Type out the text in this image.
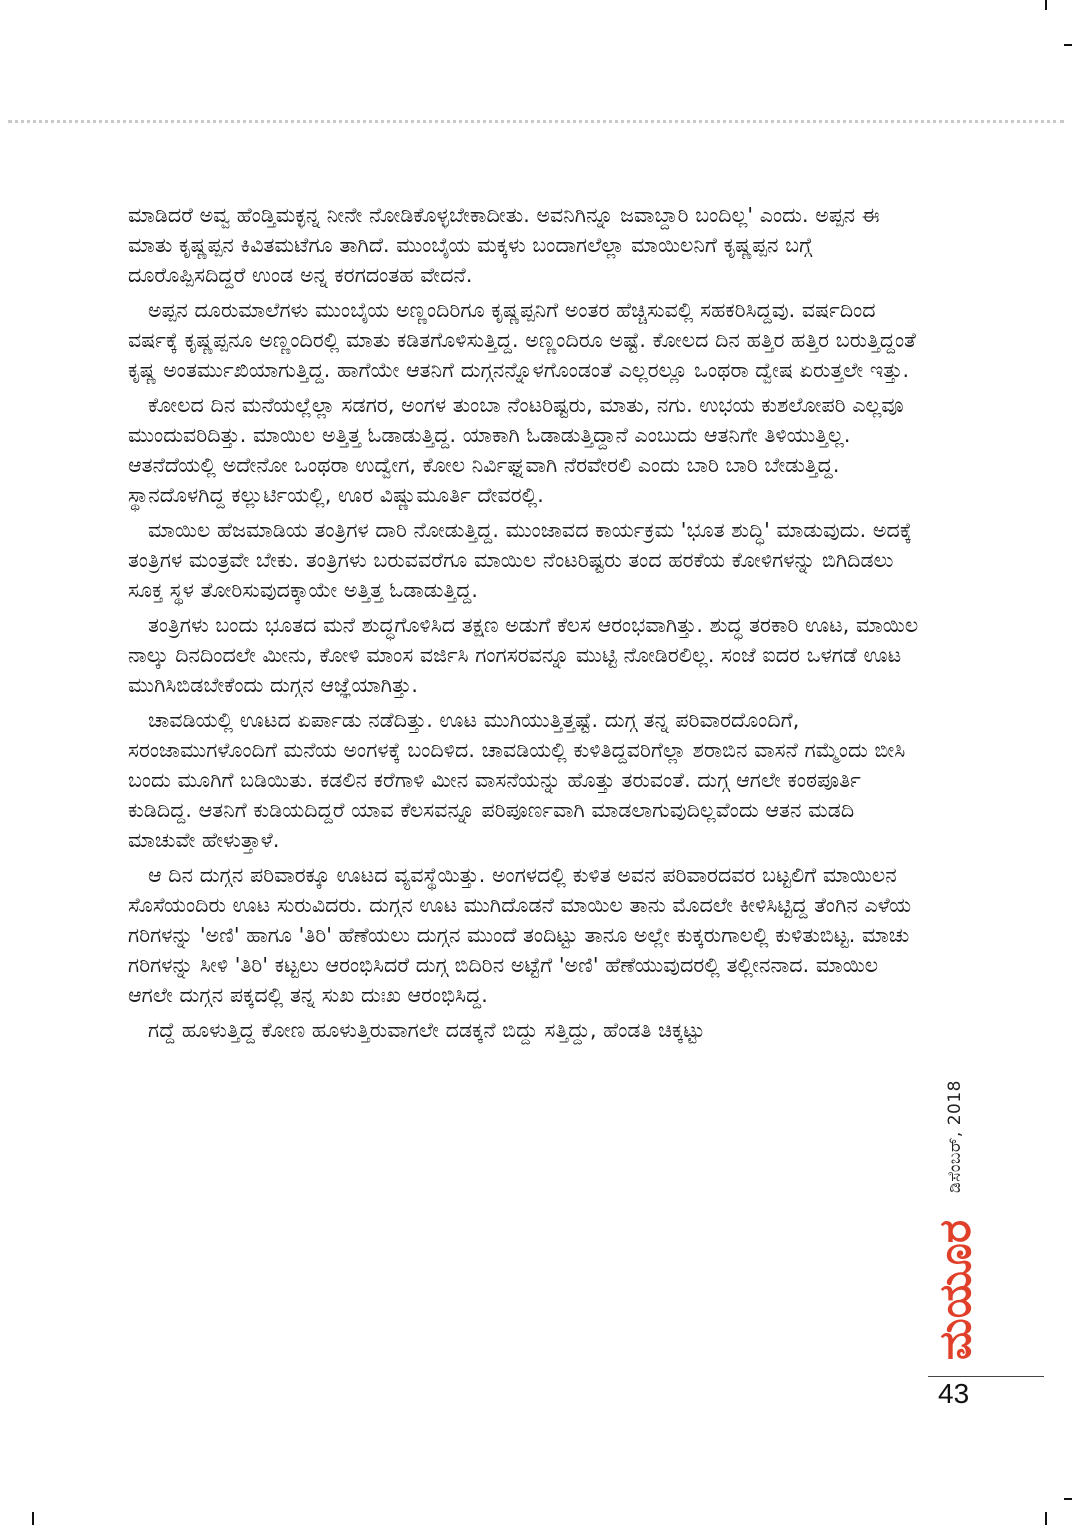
ಮಾಡಿದರೆ ಅವ್ವ ಹೆಂಡ್ತಿಮಕ್ಳನ್ನ ನೀನೇ ನೋಡಿಕೊಳ್ಳಬೇಕಾದೀತು. ಅವನಿಗಿನ್ನೂ ಜವಾಬ್ದಾರಿ ಬಂದಿಲ್ಲ' ಎಂದು. ಅಪ್ಪನ ಈ ಮಾತು ಕೃಷ್ಣಪ್ಪನ ಕಿವಿತಮಟೆಗೂ ತಾಗಿದೆ. ಮುಂಬೈಯ ಮಕ್ಕಳು ಬಂದಾಗಲೆಲ್ಲಾ ಮಾಯಿಲನಿಗೆ ಕೃಷ್ಣಪ್ಪನ ಬಗ್ಗೆ ದೂರೊಪ್ಪಿಸದಿದ್ದರೆ ಉಂಡ ಅನ್ನ ಕರಗದಂತಹ ವೇದನೆ.

ಅಪ್ಪನ ದೂರುಮಾಲೆಗಳು ಮುಂಬೈಯ ಅಣ್ಣಂದಿರಿಗೂ ಕೃಷ್ಣಪ್ಪನಿಗೆ ಅಂತರ ಹೆಚ್ಚಿಸುವಲ್ಲಿ ಸಹಕರಿಸಿದ್ದವು. ವರ್ಷದಿಂದ ವರ್ಷಕ್ಕೆ ಕೃಷ್ಣಪ್ಪನೂ ಅಣ್ಣಂದಿರಲ್ಲಿ ಮಾತು ಕಡಿತಗೊಳಿಸುತ್ತಿದ್ದ. ಅಣ್ಣಂದಿರೂ ಅಷ್ಟೆ. ಕೋಲದ ದಿನ ಹತ್ತಿರ ಹತ್ತಿರ ಬರುತ್ತಿದ್ದಂತೆ ಕೃಷ್ಣ ಅಂತರ್ಮುಖಿಯಾಗುತ್ತಿದ್ದ. ಹಾಗೆಯೇ ಆತನಿಗೆ ದುಗ್ಗನನ್ನೊಳಗೊಂಡಂತೆ ಎಲ್ಲರಲ್ಲೂ ಒಂಥರಾ ದ್ವೇಷ ಏರುತ್ತಲೇ ಇತ್ತು.

ಕೋಲದ ದಿನ ಮನೆಯಲ್ಲೆಲ್ಲಾ ಸಡಗರ, ಅಂಗಳ ತುಂಬಾ ನೆಂಟರಿಷ್ಟರು, ಮಾತು, ನಗು. ಉಭಯ ಕುಶಲೋಪರಿ ಎಲ್ಲವೂ ಮುಂದುವರಿದಿತ್ತು. ಮಾಯಿಲ ಅತ್ತಿತ್ತ ಓಡಾಡುತ್ತಿದ್ದ. ಯಾಕಾಗಿ ಓಡಾಡುತ್ತಿದ್ದಾನೆ ಎಂಬುದು ಆತನಿಗೇ ತಿಳಿಯುತ್ತಿಲ್ಲ. ಆತನೆದೆಯಲ್ಲಿ ಅದೇನೋ ಒಂಥರಾ ಉದ್ವೇಗ, ಕೋಲ ನಿರ್ವಿಘ್ನವಾಗಿ ನೆರವೇರಲಿ ಎಂದು ಬಾರಿ ಬಾರಿ ಬೇಡುತ್ತಿದ್ದ. ಸ್ಥಾನದೊಳಗಿದ್ದ ಕಲ್ಲುರ್ಟಿಯಲ್ಲಿ, ಊರ ವಿಷ್ಣುಮೂರ್ತಿ ದೇವರಲ್ಲಿ.

ಮಾಯಿಲ ಹೆಜಮಾಡಿಯ ತಂತ್ರಿಗಳ ದಾರಿ ನೋಡುತ್ತಿದ್ದ. ಮುಂಜಾವದ ಕಾರ್ಯಕ್ರಮ 'ಭೂತ ಶುದ್ಧಿ' ಮಾಡುವುದು. ಅದಕ್ಕೆ ತಂತ್ರಿಗಳ ಮಂತ್ರವೇ ಬೇಕು. ತಂತ್ರಿಗಳು ಬರುವವರೆಗೂ ಮಾಯಿಲ ನೆಂಟರಿಷ್ಟರು ತಂದ ಹರಕೆಯ ಕೋಳಿಗಳನ್ನು ಬಿಗಿದಿಡಲು ಸೂಕ್ತ ಸ್ಥಳ ತೋರಿಸುವುದಕ್ಕಾಯೇ ಅತ್ತಿತ್ತ ಓಡಾಡುತ್ತಿದ್ದ.

ತಂತ್ರಿಗಳು ಬಂದು ಭೂತದ ಮನೆ ಶುದ್ಧಗೊಳಿಸಿದ ತಕ್ಷಣ ಅಡುಗೆ ಕೆಲಸ ಆರಂಭವಾಗಿತ್ತು. ಶುದ್ಧ ತರಕಾರಿ ಊಟ, ಮಾಯಿಲ ನಾಲ್ಕು ದಿನದಿಂದಲೇ ಮೀನು, ಕೋಳಿ ಮಾಂಸ ವರ್ಜಿಸಿ ಗಂಗಸರವನ್ನೂ ಮುಟ್ಟಿ ನೋಡಿರಲಿಲ್ಲ. ಸಂಜೆ ಐದರ ಒಳಗಡೆ ಊಟ ಮುಗಿಸಿಬಿಡಬೇಕೆಂದು ದುಗ್ಗನ ಆಜ್ಞೆಯಾಗಿತ್ತು.

ಚಾವಡಿಯಲ್ಲಿ ಊಟದ ಏರ್ಪಾಡು ನಡೆದಿತ್ತು. ಊಟ ಮುಗಿಯುತ್ತಿತ್ತಷ್ಟೆ. ದುಗ್ಗ ತನ್ನ ಪರಿವಾರದೊಂದಿಗೆ, ಸರಂಜಾಮುಗಳೊಂದಿಗೆ ಮನೆಯ ಅಂಗಳಕ್ಕೆ ಬಂದಿಳಿದ. ಚಾವಡಿಯಲ್ಲಿ ಕುಳಿತಿದ್ದವರಿಗೆಲ್ಲಾ ಶರಾಬಿನ ವಾಸನೆ ಗಮ್ಮೆಂದು ಬೀಸಿ ಬಂದು ಮೂಗಿಗೆ ಬಡಿಯಿತು. ಕಡಲಿನ ಕರೆಗಾಳಿ ಮೀನ ವಾಸನೆಯನ್ನು ಹೊತ್ತು ತರುವಂತೆ. ದುಗ್ಗ ಆಗಲೇ ಕಂಠಪೂರ್ತಿ ಕುಡಿದಿದ್ದ. ಆತನಿಗೆ ಕುಡಿಯದಿದ್ದರೆ ಯಾವ ಕೆಲಸವನ್ನೂ ಪರಿಪೂರ್ಣವಾಗಿ ಮಾಡಲಾಗುವುದಿಲ್ಲವೆಂದು ಆತನ ಮಡದಿ ಮಾಚುವೇ ಹೇಳುತ್ತಾಳೆ.

ಆ ದಿನ ದುಗ್ಗನ ಪರಿವಾರಕ್ಕೂ ಊಟದ ವ್ಯವಸ್ಥೆಯಿತ್ತು. ಅಂಗಳದಲ್ಲಿ ಕುಳಿತ ಅವನ ಪರಿವಾರದವರ ಬಟ್ಟಲಿಗೆ ಮಾಯಿಲನ ಸೊಸೆಯಂದಿರು ಊಟ ಸುರುವಿದರು. ದುಗ್ಗನ ಊಟ ಮುಗಿದೊಡನೆ ಮಾಯಿಲ ತಾನು ಮೊದಲೇ ಕೀಳಿಸಿಟ್ಟಿದ್ದ ತೆಂಗಿನ ಎಳೆಯ ಗರಿಗಳನ್ನು 'ಅಣಿ' ಹಾಗೂ 'ತಿರಿ' ಹೆಣೆಯಲು ದುಗ್ಗನ ಮುಂದೆ ತಂದಿಟ್ಟು ತಾನೂ ಅಲ್ಲೇ ಕುಕ್ಕರುಗಾಲಲ್ಲಿ ಕುಳಿತುಬಿಟ್ಟ. ಮಾಚು ಗರಿಗಳನ್ನು ಸೀಳಿ 'ತಿರಿ' ಕಟ್ಟಲು ಆರಂಭಿಸಿದರೆ ದುಗ್ಗ ಬಿದಿರಿನ ಅಟ್ಟೆಗೆ 'ಅಣಿ' ಹೆಣೆಯುವುದರಲ್ಲಿ ತಲ್ಲೀನನಾದ. ಮಾಯಿಲ ಆಗಲೇ ದುಗ್ಗನ ಪಕ್ಕದಲ್ಲಿ ತನ್ನ ಸುಖ ದುಃಖ ಆರಂಭಿಸಿದ್ದ.

ಗದ್ದೆ ಹೂಳುತ್ತಿದ್ದ ಕೋಣ ಹೂಳುತ್ತಿರುವಾಗಲೇ ದಡಕ್ಕನೆ ಬಿದ್ದು ಸತ್ತಿದ್ದು, ಹೆಂಡತಿ ಚಿಕ್ಕಟ್ಟು

ಡಿಸೆಂಬರ್, 2018
ಮಯೂರ
43
